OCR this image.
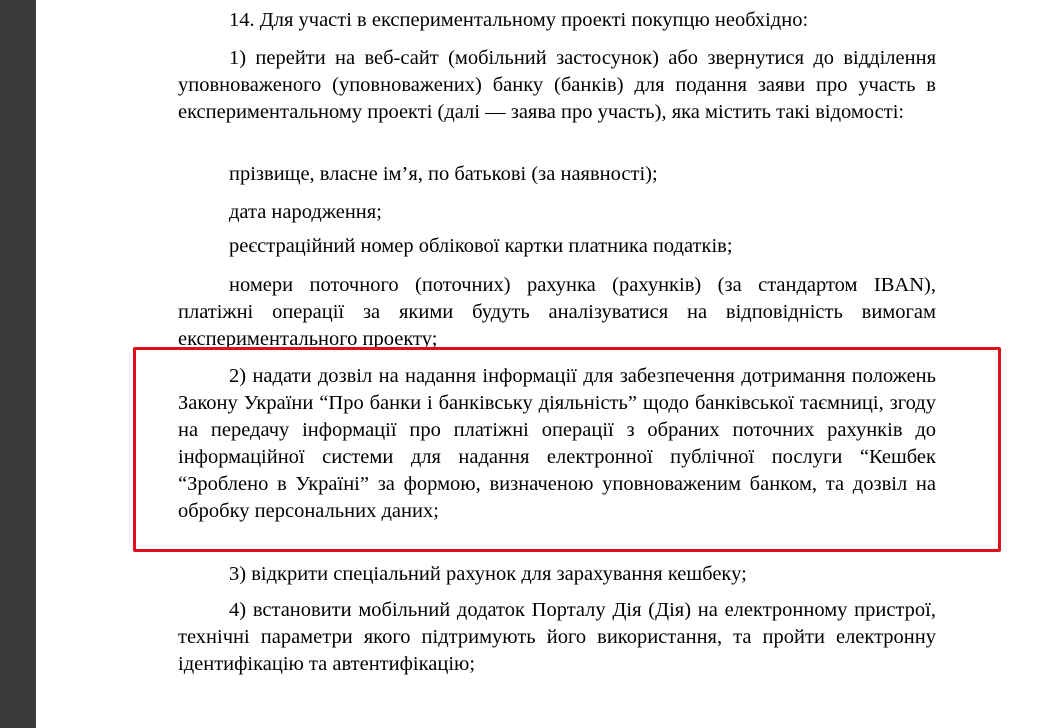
14. Для участі в експериментальному проекті покупцю необхідно:

1) перейти на веб-сайт (мобільний застосунок) або звернутися до відділення уповноваженого (уповноважених) банку (банків) для подання заяви про участь в експериментальному проекті (далі — заява про участь), яка містить такі відомості:

прізвище, власне ім’я, по батькові (за наявності);

дата народження;

реєстраційний номер облікової картки платника податків;

номери поточного (поточних) рахунка (рахунків) (за стандартом IBAN), платіжні операції за якими будуть аналізуватися на відповідність вимогам експериментального проекту;

2) надати дозвіл на надання інформації для забезпечення дотримання положень Закону України “Про банки і банківську діяльність” щодо банківської таємниці, згоду на передачу інформації про платіжні операції з обраних поточних рахунків до інформаційної системи для надання електронної публічної послуги “Кешбек “Зроблено в Україні” за формою, визначеною уповноваженим банком, та дозвіл на обробку персональних даних;

3) відкрити спеціальний рахунок для зарахування кешбеку;

4) встановити мобільний додаток Порталу Дія (Дія) на електронному пристрої, технічні параметри якого підтримують його використання, та пройти електронну ідентифікацію та автентифікацію;
